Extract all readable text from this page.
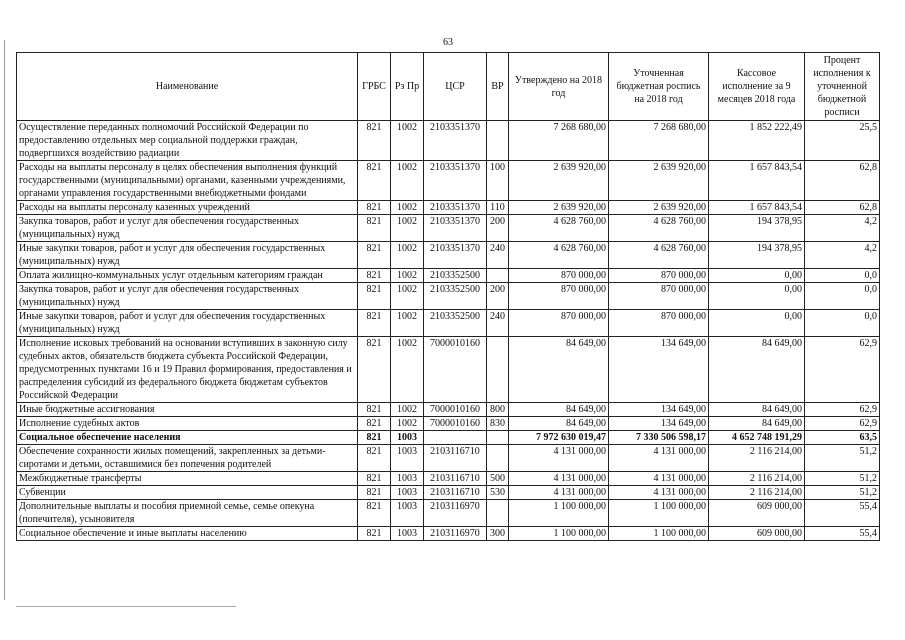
63
Наименование	ГРБС	Рз Пр	ЦСР	ВР	Утверждено на 2018 год	Уточненная бюджетная роспись на 2018 год	Кассовое исполнение за 9 месяцев 2018 года	Процент исполнения к уточненной бюджетной росписи
Осуществление переданных полномочий Российской Федерации по предоставлению отдельных мер социальной поддержки граждан, подвергшихся воздействию радиации	821	1002	2103351370		7 268 680,00	7 268 680,00	1 852 222,49	25,5
Расходы на выплаты персоналу в целях обеспечения выполнения функций государственными (муниципальными) органами, казенными учреждениями, органами управления государственными внебюджетными фондами	821	1002	2103351370	100	2 639 920,00	2 639 920,00	1 657 843,54	62,8
Расходы на выплаты персоналу казенных учреждений	821	1002	2103351370	110	2 639 920,00	2 639 920,00	1 657 843,54	62,8
Закупка товаров, работ и услуг для обеспечения государственных (муниципальных) нужд	821	1002	2103351370	200	4 628 760,00	4 628 760,00	194 378,95	4,2
Иные закупки товаров, работ и услуг для обеспечения государственных (муниципальных) нужд	821	1002	2103351370	240	4 628 760,00	4 628 760,00	194 378,95	4,2
Оплата жилищно-коммунальных услуг отдельным категориям граждан	821	1002	2103352500		870 000,00	870 000,00	0,00	0,0
Закупка товаров, работ и услуг для обеспечения государственных (муниципальных) нужд	821	1002	2103352500	200	870 000,00	870 000,00	0,00	0,0
Иные закупки товаров, работ и услуг для обеспечения государственных (муниципальных) нужд	821	1002	2103352500	240	870 000,00	870 000,00	0,00	0,0
Исполнение исковых требований на основании вступивших в законную силу судебных актов, обязательств бюджета субъекта Российской Федерации, предусмотренных пунктами 16 и 19 Правил формирования, предоставления и распределения субсидий из федерального бюджета бюджетам субъектов Российской Федерации	821	1002	7000010160		84 649,00	134 649,00	84 649,00	62,9
Иные бюджетные ассигнования	821	1002	7000010160	800	84 649,00	134 649,00	84 649,00	62,9
Исполнение судебных актов	821	1002	7000010160	830	84 649,00	134 649,00	84 649,00	62,9
Социальное обеспечение населения	821	1003			7 972 630 019,47	7 330 506 598,17	4 652 748 191,29	63,5
Обеспечение сохранности жилых помещений, закрепленных за детьми-сиротами и детьми, оставшимися без попечения родителей	821	1003	2103116710		4 131 000,00	4 131 000,00	2 116 214,00	51,2
Межбюджетные трансферты	821	1003	2103116710	500	4 131 000,00	4 131 000,00	2 116 214,00	51,2
Субвенции	821	1003	2103116710	530	4 131 000,00	4 131 000,00	2 116 214,00	51,2
Дополнительные выплаты и пособия приемной семье, семье опекуна (попечителя), усыновителя	821	1003	2103116970		1 100 000,00	1 100 000,00	609 000,00	55,4
Социальное обеспечение и иные выплаты населению	821	1003	2103116970	300	1 100 000,00	1 100 000,00	609 000,00	55,4
